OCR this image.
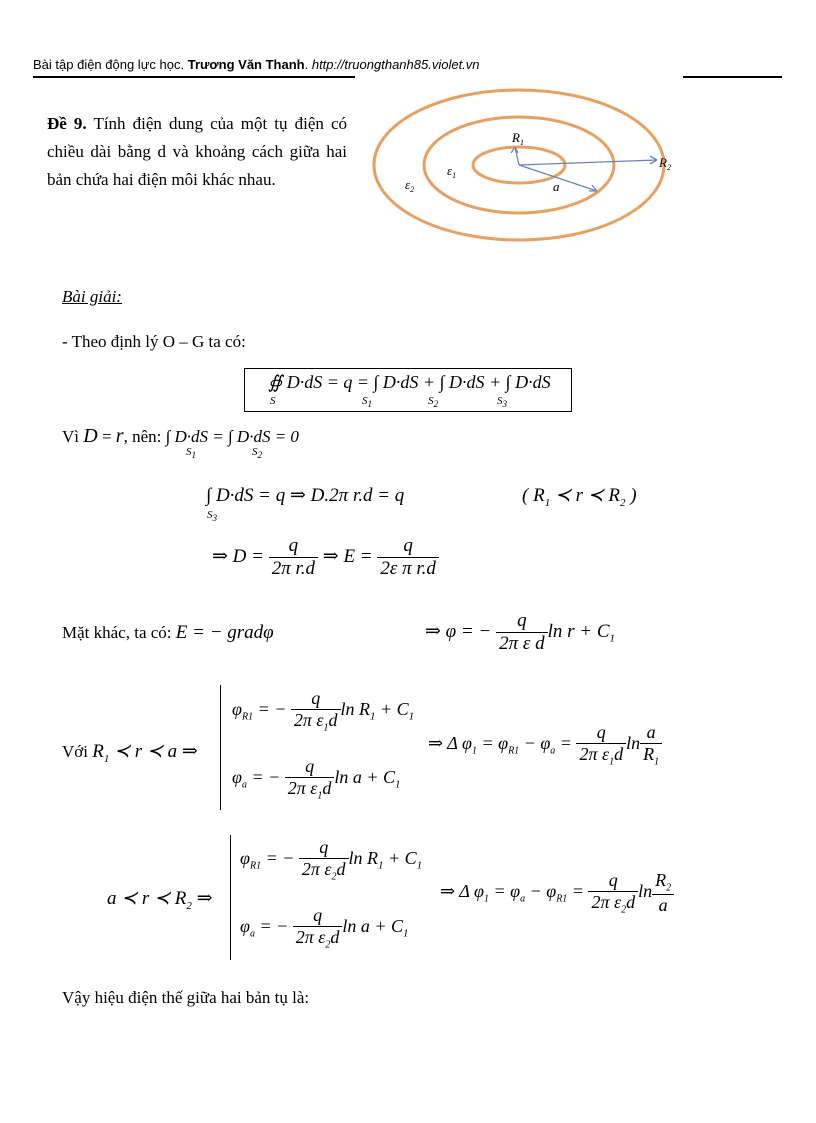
Bài tập điện động lực học. Trương Văn Thanh. http://truongthanh85.violet.vn
Đề 9. Tính điện dung của một tụ điện có chiều dài bằng d và khoảng cách giữa hai bản chứa hai điện môi khác nhau.
$R_1$
$R_2$
a
$\varepsilon_1$
$\varepsilon_2$
Bài giải:
- Theo định lý O – G ta có:
∯ D·dS = q = ∫ D·dS + ∫ D·dS + ∫ D·dS
S	$S_1$	$S_2$	$S_3$
Vì D = r, nên: ∫ D·dS = ∫ D·dS = 0
$S_1$	$S_2$
∫ D·dS = q ⇒ D.2π r.d = q
$S_3$
( $R_1$ ≺ r ≺ $R_2$ )
⇒ $D = \frac{q}{\text{2π r.d}}$ ⇒ $E = \frac{q}{\text{2ε π r.d}}$
Mặt khác, ta có: E = − gradφ	⇒ φ = − $\frac{q}{\text{2π ε d}}$ $\ln r + C_1$
Với $R_1$ ≺ r ≺ a ⇒
$\varphi_{R1}$ = − $\frac{q}{2\pi \varepsilon_1d}$ $\ln R_1 + C_1$
$\varphi_a$ = − $\frac{q}{2\pi \varepsilon_1d}$ $\ln a + C_1$
⇒ Δ $\varphi_1 = \varphi_{R1} - \varphi_a = \frac{q}{2\pi \varepsilon_1d}$ $\ln \frac{a}{R_1}$
a ≺ r ≺ $R_2$ ⇒
$\varphi_{R1}$ = − $\frac{q}{2\pi \varepsilon_2d}$ $\ln R_1 + C_1$
$\varphi_a$ = − $\frac{q}{2\pi \varepsilon_2d}$ $\ln a + C_1$
⇒ Δ $\varphi_1 = \varphi_a - \varphi_{R1} = \frac{q}{2\pi \varepsilon_2d}$ $\ln \frac{R_2}{a}$
Vậy hiệu điện thế giữa hai bản tụ là:
